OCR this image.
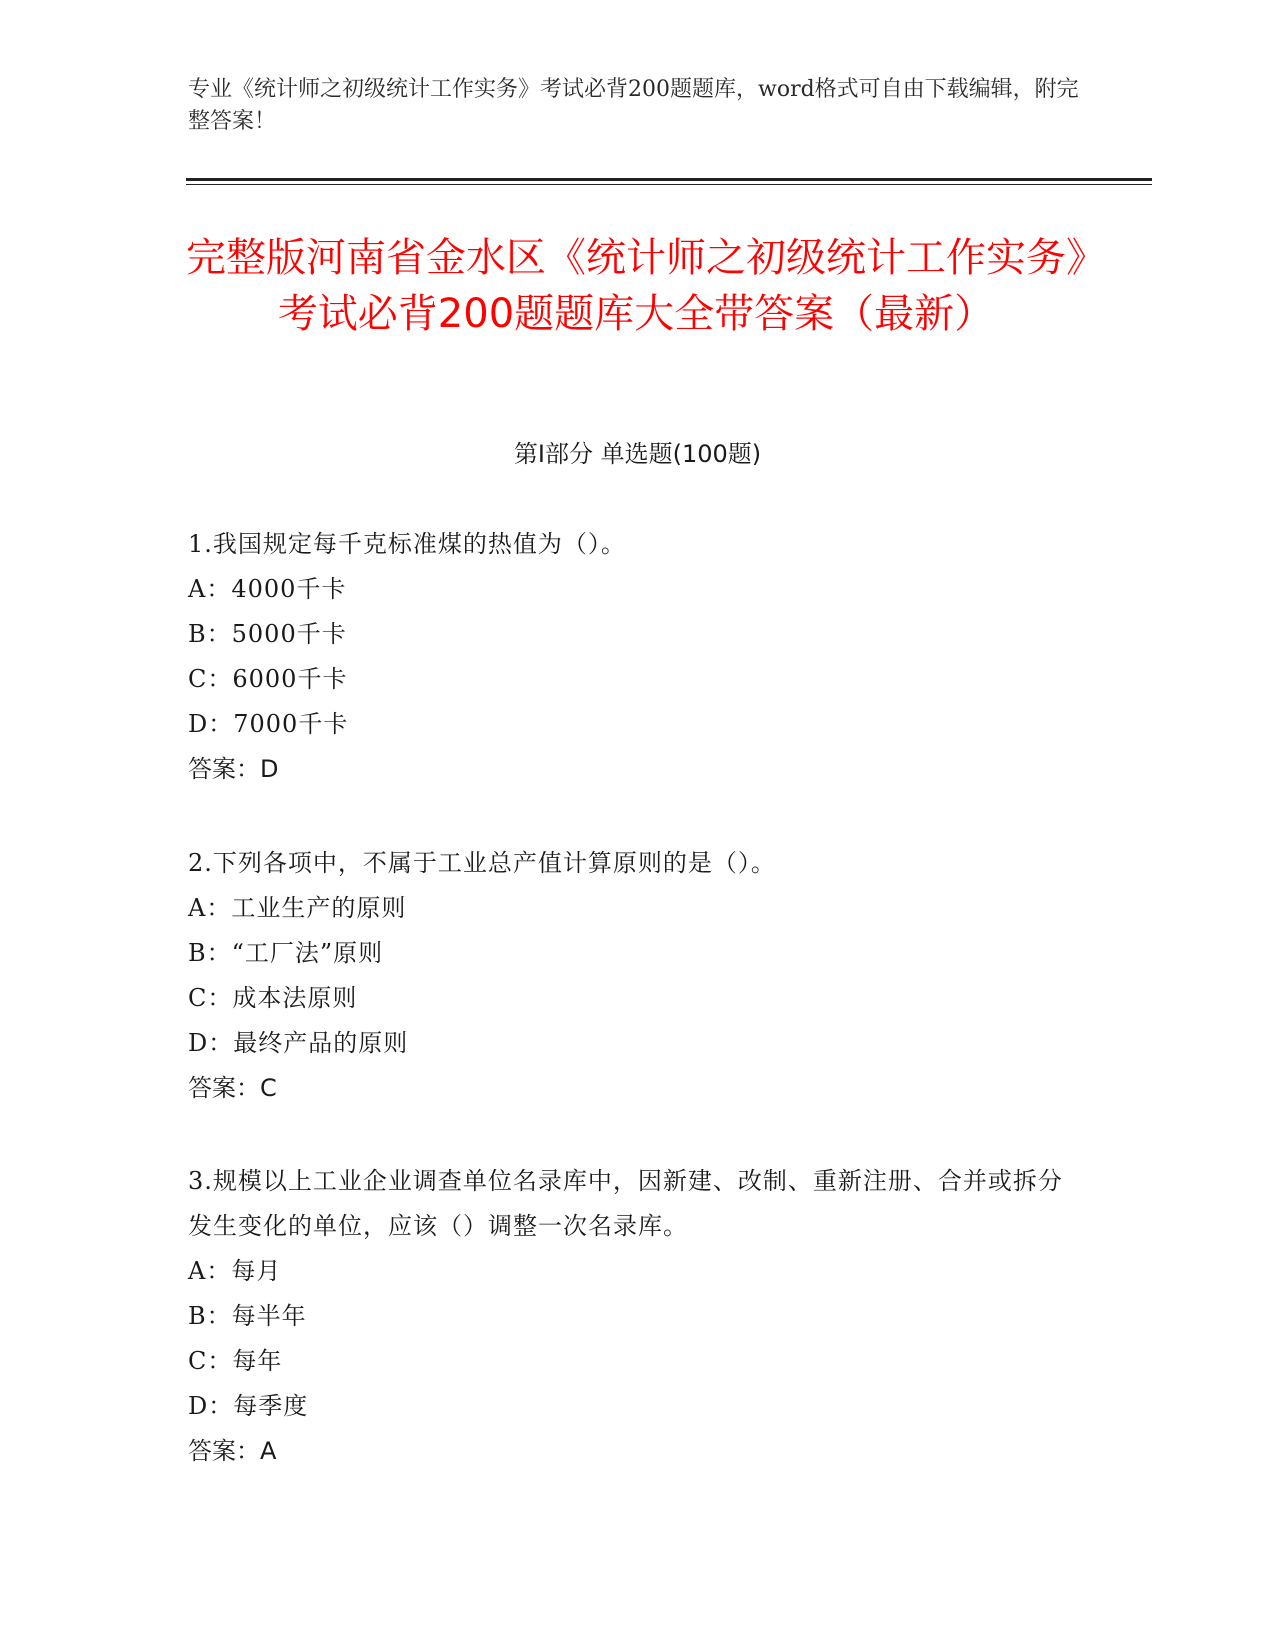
专业《统计师之初级统计工作实务》考试必背200题题库，word格式可自由下载编辑，附完整答案！
完整版河南省金水区《统计师之初级统计工作实务》考试必背200题题库大全带答案（最新）
第I部分 单选题(100题)
1.我国规定每千克标准煤的热值为（）。
A：4000千卡
B：5000千卡
C：6000千卡
D：7000千卡
答案：D
2.下列各项中，不属于工业总产值计算原则的是（）。
A：工业生产的原则
B：“工厂法”原则
C：成本法原则
D：最终产品的原则
答案：C
3.规模以上工业企业调查单位名录库中，因新建、改制、重新注册、合并或拆分发生变化的单位，应该（）调整一次名录库。
A：每月
B：每半年
C：每年
D：每季度
答案：A
